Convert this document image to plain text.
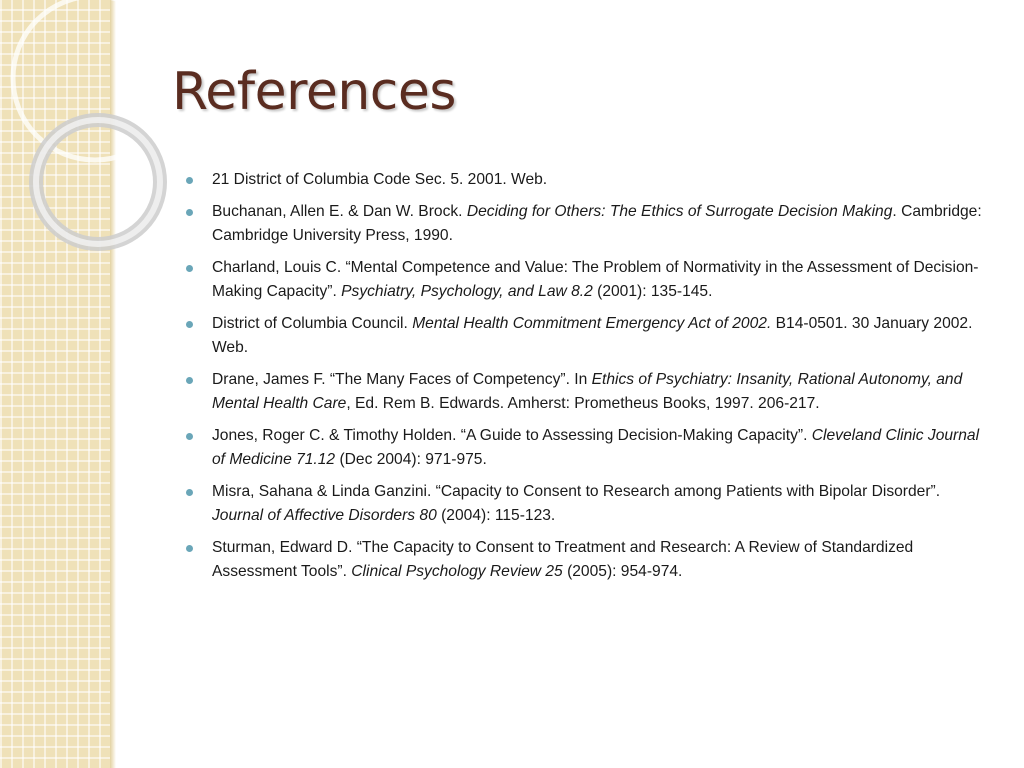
References
21 District of Columbia Code Sec. 5. 2001. Web.
Buchanan, Allen E. & Dan W. Brock. Deciding for Others: The Ethics of Surrogate Decision Making. Cambridge: Cambridge University Press, 1990.
Charland, Louis C. “Mental Competence and Value: The Problem of Normativity in the Assessment of Decision-Making Capacity”. Psychiatry, Psychology, and Law 8.2 (2001): 135-145.
District of Columbia Council. Mental Health Commitment Emergency Act of 2002. B14-0501. 30 January 2002. Web.
Drane, James F. “The Many Faces of Competency”. In Ethics of Psychiatry: Insanity, Rational Autonomy, and Mental Health Care, Ed. Rem B. Edwards. Amherst: Prometheus Books, 1997. 206-217.
Jones, Roger C. & Timothy Holden. “A Guide to Assessing Decision-Making Capacity”. Cleveland Clinic Journal of Medicine 71.12 (Dec 2004): 971-975.
Misra, Sahana & Linda Ganzini. “Capacity to Consent to Research among Patients with Bipolar Disorder”. Journal of Affective Disorders 80 (2004): 115-123.
Sturman, Edward D. “The Capacity to Consent to Treatment and Research: A Review of Standardized Assessment Tools”. Clinical Psychology Review 25 (2005): 954-974.
